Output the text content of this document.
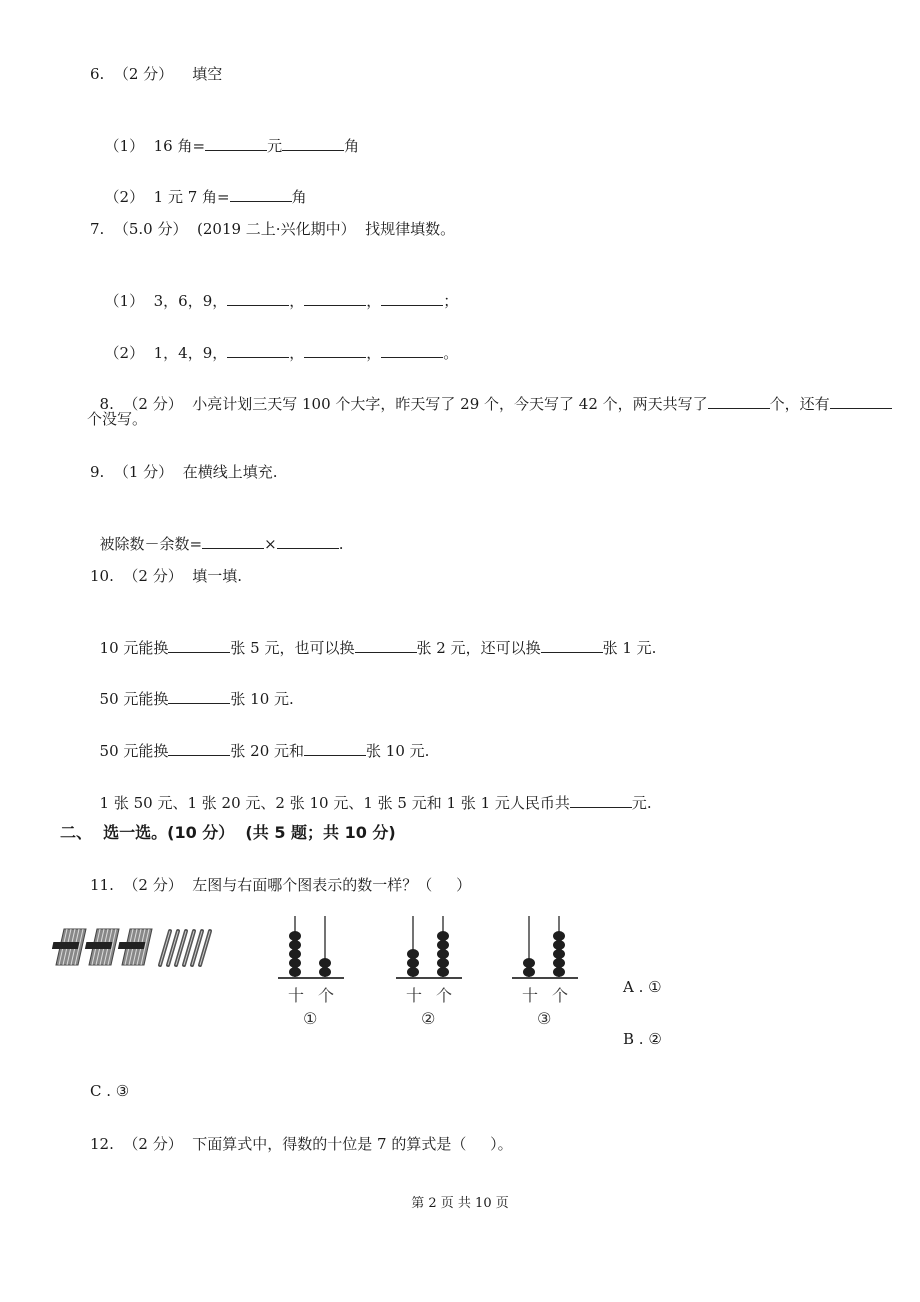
6.  （2 分）    填空

（1）  16 角=	元	角

（2）  1 元 7 角=	角

7.  （5.0 分）  (2019 二上·兴化期中）  找规律填数。

（1）  3，6，9，	，	，	；

（2）  1，4，9，	，	，	。

8.  （2 分）  小亮计划三天写 100 个大字，昨天写了 29 个，今天写了 42 个，两天共写了	个，还有

个没写。
9.  （1 分）  在横线上填充.

被除数－余数=	×	.

10.  （2 分）  填一填.

10 元能换	张 5 元，也可以换	张 2 元，还可以换	张 1 元.

50 元能换	张 10 元.

50 元能换	张 20 元和	张 10 元.

1 张 50 元、1 张 20 元、2 张 10 元、1 张 5 元和 1 张 1 元人民币共	元.

二、  选一选。(10 分）  (共 5 题；共 10 分)
11.  （2 分）  左图与右面哪个图表示的数一样？（     ）
十 个
①
十 个
②
十 个
③
A . ①
B . ②
C . ③
12.  （2 分）  下面算式中，得数的十位是 7 的算式是（     ）。
第 2 页 共 10 页
